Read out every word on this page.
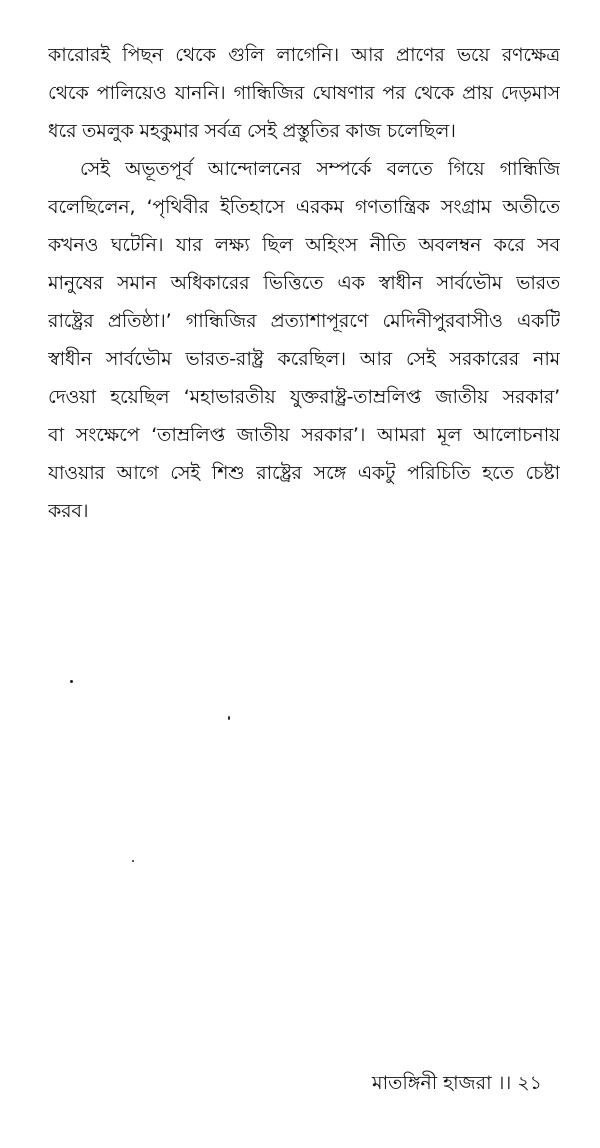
কারোরই পিছন থেকে গুলি লাগেনি। আর প্রাণের ভয়ে রণক্ষেত্র
থেকে পালিয়েও যাননি। গান্ধিজির ঘোষণার পর থেকে প্রায় দেড়মাস
ধরে তমলুক মহকুমার সর্বত্র সেই প্রস্তুতির কাজ চলেছিল।
সেই অভূতপূর্ব আন্দোলনের সম্পর্কে বলতে গিয়ে গান্ধিজি
বলেছিলেন, ‘পৃথিবীর ইতিহাসে এরকম গণতান্ত্রিক সংগ্রাম অতীতে
কখনও ঘটেনি। যার লক্ষ্য ছিল অহিংস নীতি অবলম্বন করে সব
মানুষের সমান অধিকারের ভিত্তিতে এক স্বাধীন সার্বভৌম ভারত
রাষ্ট্রের প্রতিষ্ঠা।’ গান্ধিজির প্রত্যাশাপূরণে মেদিনীপুরবাসীও একটি
স্বাধীন সার্বভৌম ভারত-রাষ্ট্র করেছিল। আর সেই সরকারের নাম
দেওয়া হয়েছিল ‘মহাভারতীয় যুক্তরাষ্ট্র-তাম্রলিপ্ত জাতীয় সরকার’
বা সংক্ষেপে ‘তাম্রলিপ্ত জাতীয় সরকার’। আমরা মূল আলোচনায়
যাওয়ার আগে সেই শিশু রাষ্ট্রের সঙ্গে একটু পরিচিতি হতে চেষ্টা
করব।
মাতঙ্গিনী হাজরা ।। ২১
